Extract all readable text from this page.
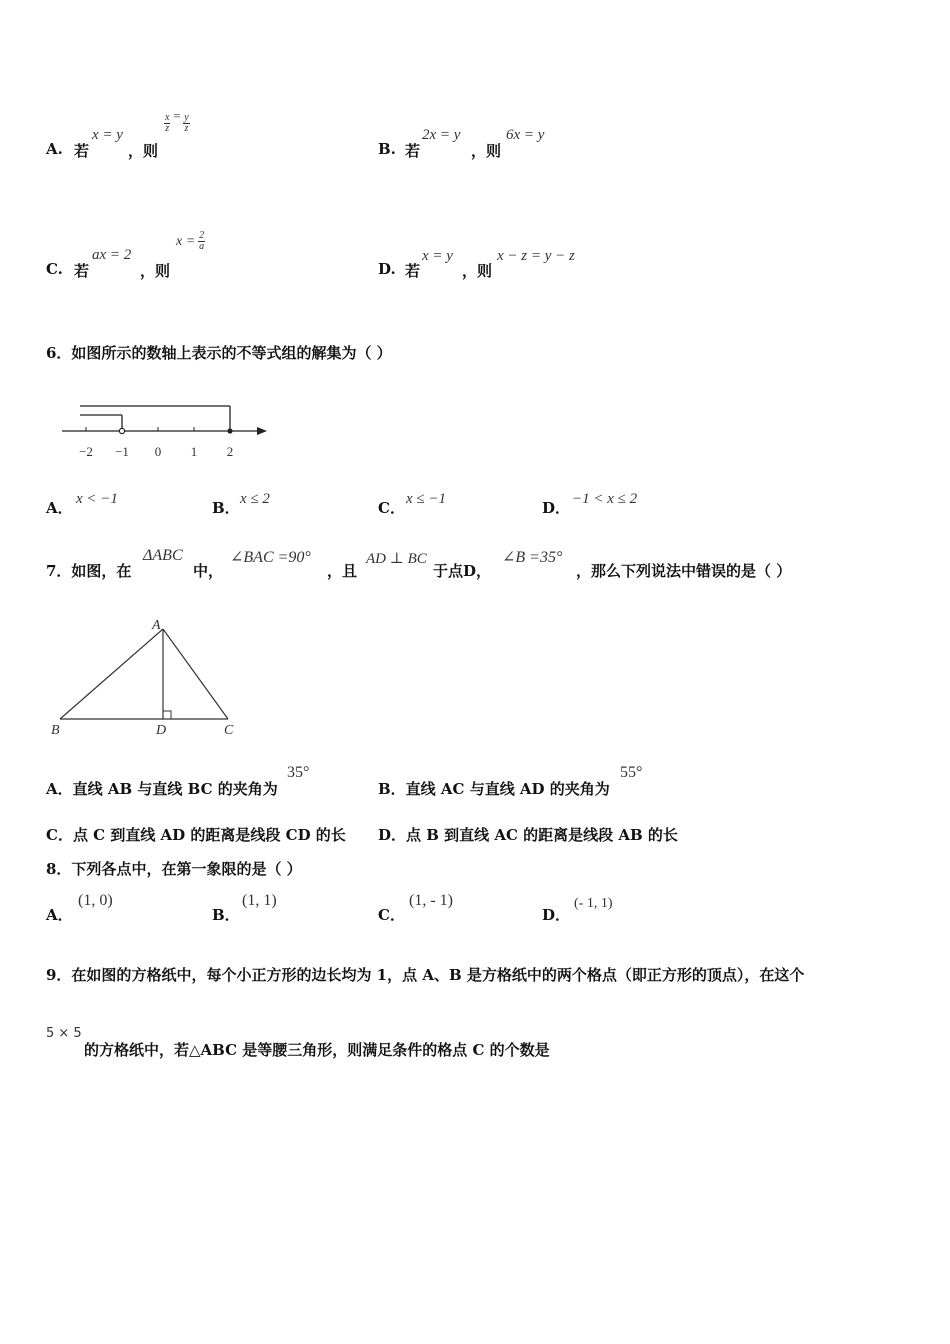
A. 若
x = y
，则
$\frac{x}{z} = \frac{y}{z}$
B. 若
2x = y
，则
6x = y
C. 若
ax = 2
，则
$x = \frac{2}{a}$
D. 若
x = y
，则
x − z = y − z
6．如图所示的数轴上表示的不等式组的解集为（ ）
−2 −1 0 1 2
A． x < −1	B． x ≤ 2	C． x ≤ −1	D． −1 < x ≤ 2
7．如图，在
ΔABC
中，
∠BAC =90°
，且
AD ⊥ BC
于点D，
∠B =35°
，那么下列说法中错误的是（ ）
A
B	D	C
A．直线 AB 与直线 BC 的夹角为
35°
B．直线 AC 与直线 AD 的夹角为
55°
C．点 C 到直线 AD 的距离是线段 CD 的长 D．点 B 到直线 AC 的距离是线段 AB 的长
8．下列各点中，在第一象限的是（ ）
A．
(1, 0)
B．
(1, 1)
C．
(1, - 1)
D．
(- 1, 1)
9．在如图的方格纸中，每个小正方形的边长均为 1，点 A、B 是方格纸中的两个格点（即正方形的顶点），在这个
5 × 5
的方格纸中，若△ABC 是等腰三角形，则满足条件的格点 C 的个数是
